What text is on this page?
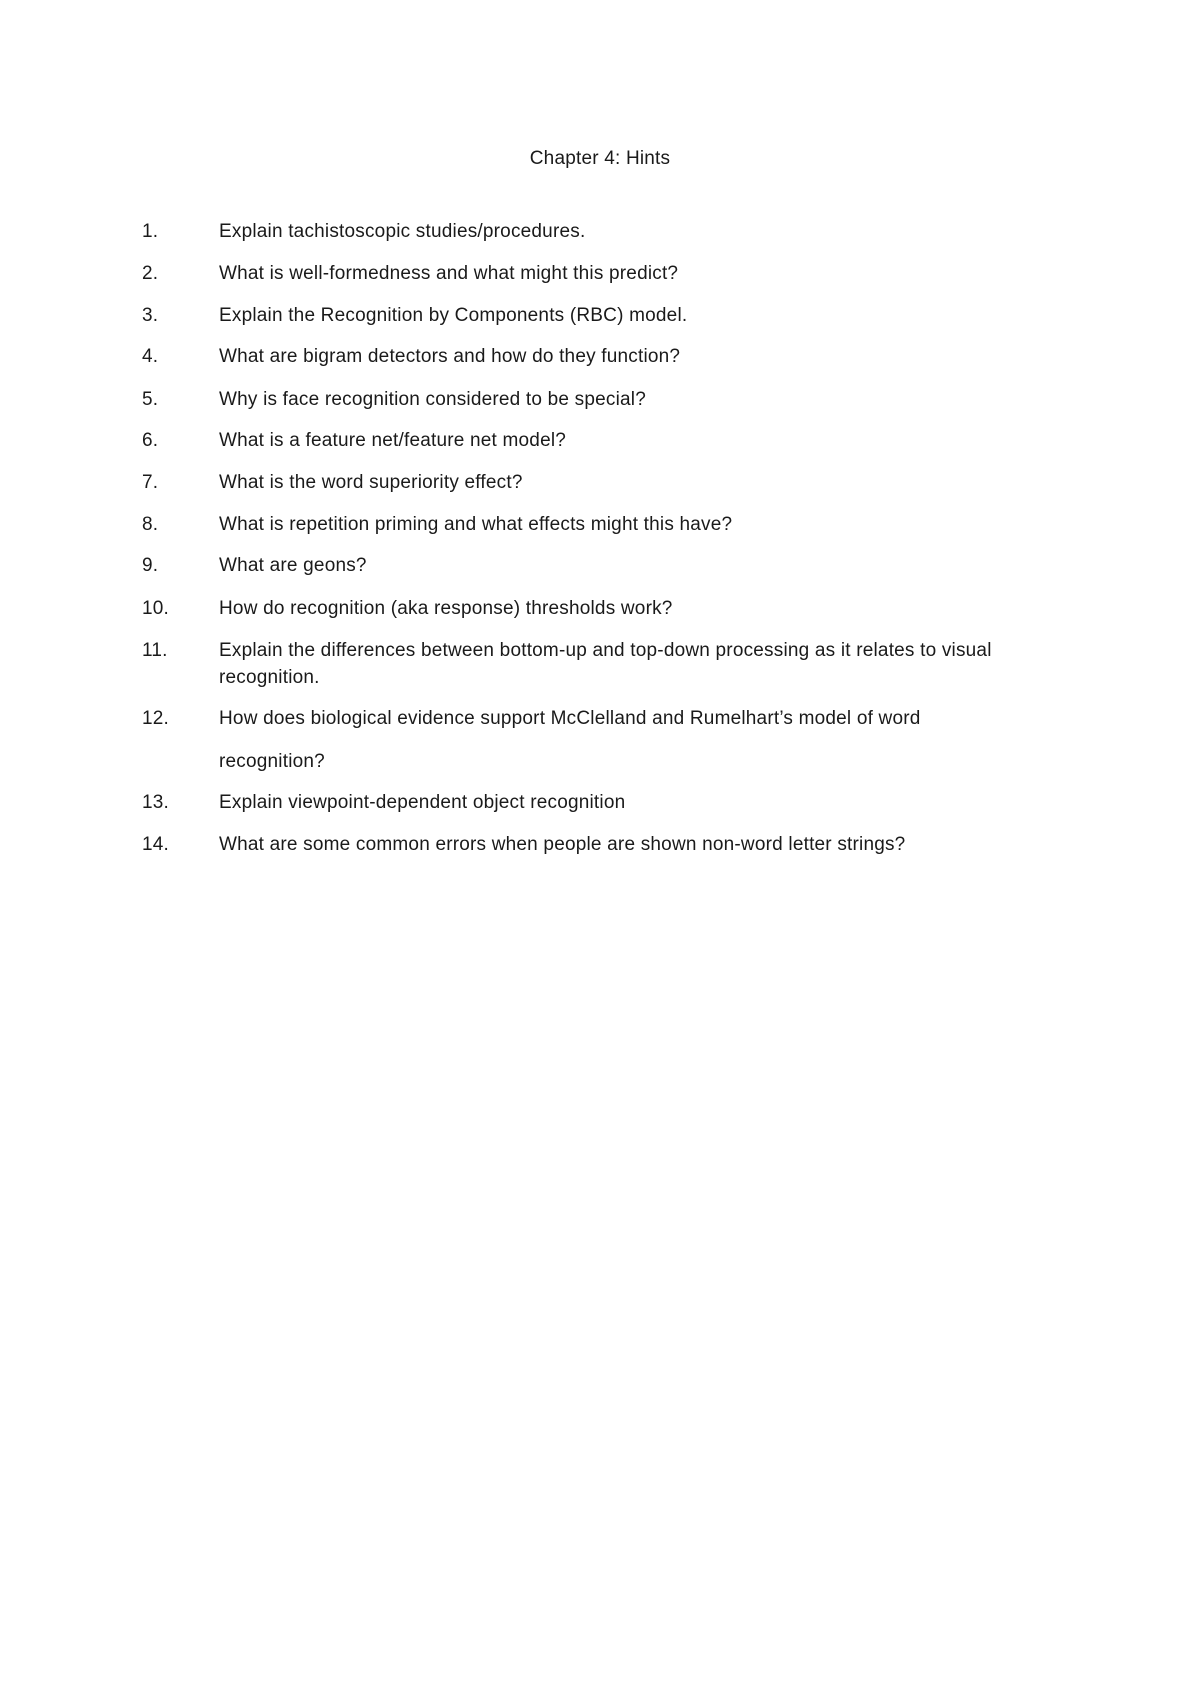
Chapter 4: Hints
1.	Explain tachistoscopic studies/procedures.
2.	What is well-formedness and what might this predict?
3.	Explain the Recognition by Components (RBC) model.
4.	What are bigram detectors and how do they function?
5.	Why is face recognition considered to be special?
6.	What is a feature net/feature net model?
7.	What is the word superiority effect?
8.	What is repetition priming and what effects might this have?
9.	What are geons?
10.	How do recognition (aka response) thresholds work?
11.	Explain the differences between bottom-up and top-down processing as it relates to visual
recognition.
12.	How does biological evidence support McClelland and Rumelhart’s model of word
recognition?
13.	Explain viewpoint-dependent object recognition
14.	What are some common errors when people are shown non-word letter strings?
